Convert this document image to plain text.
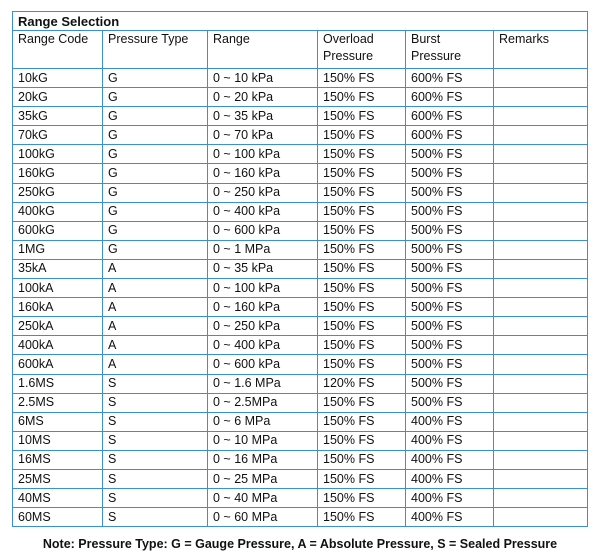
Range Selection					
Range Code	Pressure Type	Range	Overload Pressure	Burst Pressure	Remarks
10kG	G	0 ~ 10 kPa	150% FS	600% FS	
20kG	G	0 ~ 20 kPa	150% FS	600% FS	
35kG	G	0 ~ 35 kPa	150% FS	600% FS	
70kG	G	0 ~ 70 kPa	150% FS	600% FS	
100kG	G	0 ~ 100 kPa	150% FS	500% FS	
160kG	G	0 ~ 160 kPa	150% FS	500% FS	
250kG	G	0 ~ 250 kPa	150% FS	500% FS	
400kG	G	0 ~ 400 kPa	150% FS	500% FS	
600kG	G	0 ~ 600 kPa	150% FS	500% FS	
1MG	G	0 ~ 1 MPa	150% FS	500% FS	
35kA	A	0 ~ 35 kPa	150% FS	500% FS	
100kA	A	0 ~ 100 kPa	150% FS	500% FS	
160kA	A	0 ~ 160 kPa	150% FS	500% FS	
250kA	A	0 ~ 250 kPa	150% FS	500% FS	
400kA	A	0 ~ 400 kPa	150% FS	500% FS	
600kA	A	0 ~ 600 kPa	150% FS	500% FS	
1.6MS	S	0 ~ 1.6 MPa	120% FS	500% FS	
2.5MS	S	0 ~ 2.5MPa	150% FS	500% FS	
6MS	S	0 ~ 6 MPa	150% FS	400% FS	
10MS	S	0 ~ 10 MPa	150% FS	400% FS	
16MS	S	0 ~ 16 MPa	150% FS	400% FS	
25MS	S	0 ~ 25 MPa	150% FS	400% FS	
40MS	S	0 ~ 40 MPa	150% FS	400% FS	
60MS	S	0 ~ 60 MPa	150% FS	400% FS	
Note: Pressure Type: G = Gauge Pressure, A = Absolute Pressure, S = Sealed Pressure
